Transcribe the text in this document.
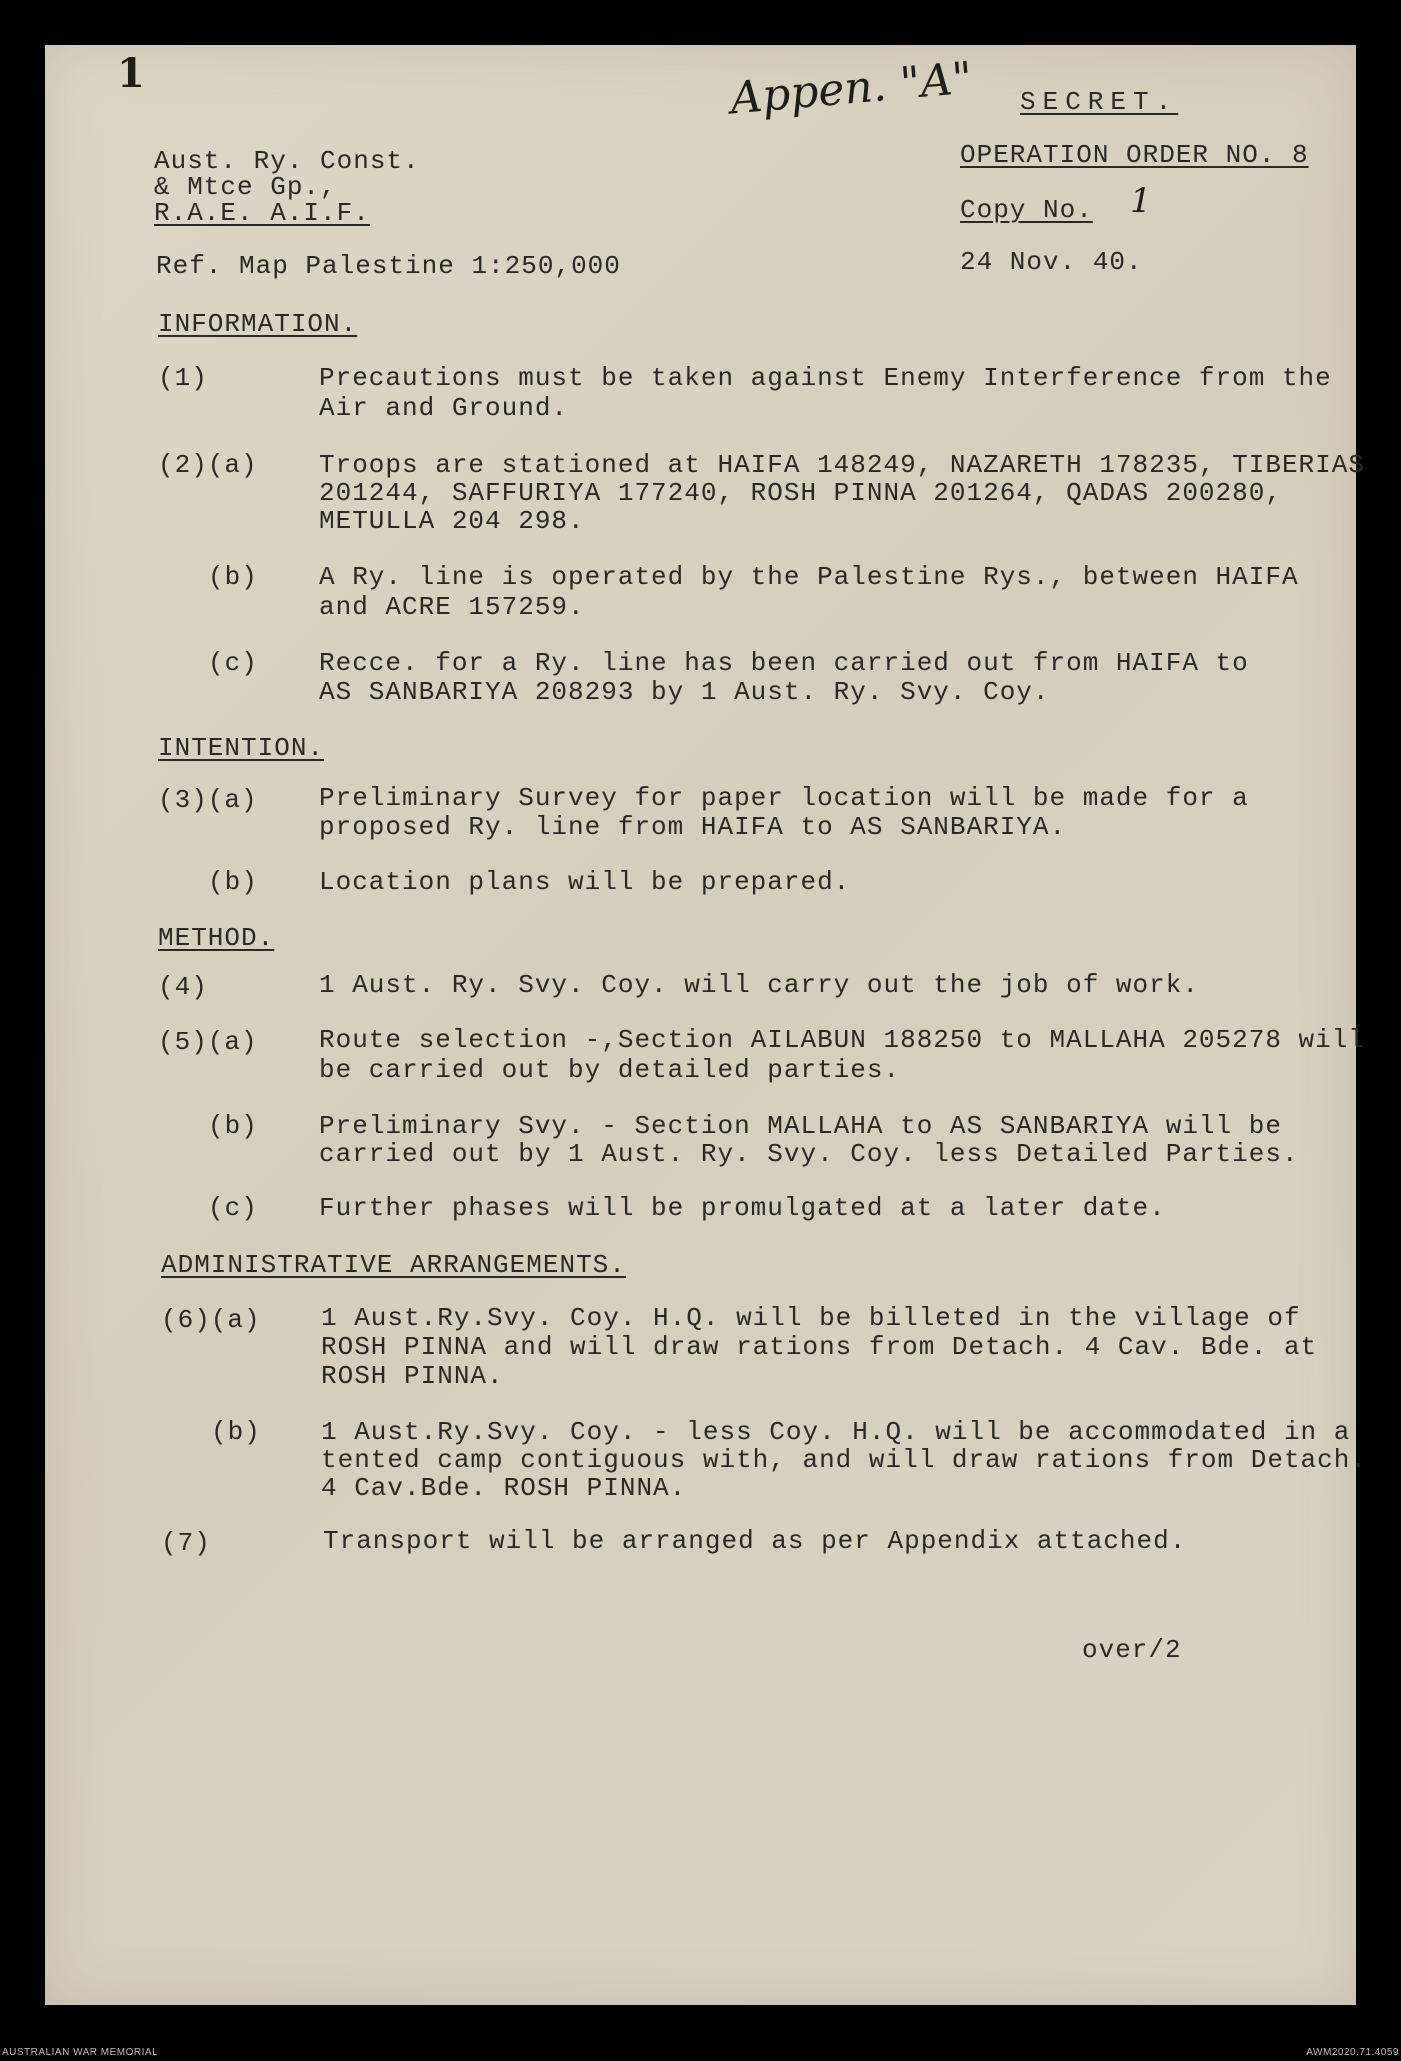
1	Appen. "A" SECRET.
OPERATION ORDER NO. 8
Copy No. 1
24 Nov. 40.
Aust. Ry. Const.
& Mtce Gp.,
R.A.E. A.I.F.
Ref. Map Palestine 1:250,000
INFORMATION.
(1)	Precautions must be taken against Enemy Interference from the
Air and Ground.
(2)(a) Troops are stationed at HAIFA 148249, NAZARETH 178235, TIBERIAS
201244, SAFFURIYA 177240, ROSH PINNA 201264, QADAS 200280,
METULLA 204 298.
(b) A Ry. line is operated by the Palestine Rys., between HAIFA
and ACRE 157259.
(c) Recce. for a Ry. line has been carried out from HAIFA to
AS SANBARIYA 208293 by 1 Aust. Ry. Svy. Coy.
INTENTION.
(3)(a) Preliminary Survey for paper location will be made for a
proposed Ry. line from HAIFA to AS SANBARIYA.
(b) Location plans will be prepared.
METHOD.
(4)	1 Aust. Ry. Svy. Coy. will carry out the job of work.
(5)(a) Route selection -,Section AILABUN 188250 to MALLAHA 205278 will
be carried out by detailed parties.
(b) Preliminary Svy. - Section MALLAHA to AS SANBARIYA will be
carried out by 1 Aust. Ry. Svy. Coy. less Detailed Parties.
(c) Further phases will be promulgated at a later date.
ADMINISTRATIVE ARRANGEMENTS.
(6)(a) 1 Aust.Ry.Svy. Coy. H.Q. will be billeted in the village of
ROSH PINNA and will draw rations from Detach. 4 Cav. Bde. at
ROSH PINNA.
(b) 1 Aust.Ry.Svy. Coy. - less Coy. H.Q. will be accommodated in a
tented camp contiguous with, and will draw rations from Detach.
4 Cav.Bde. ROSH PINNA.
(7)	Transport will be arranged as per Appendix attached.
over/2
AUSTRALIAN WAR MEMORIAL	AWM2020.71.4059
